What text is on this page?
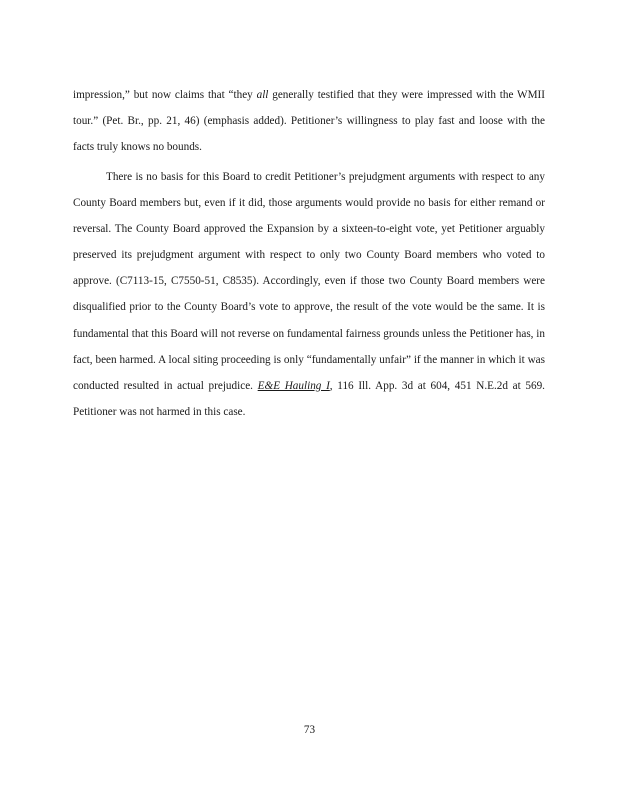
impression,” but now claims that “they all generally testified that they were impressed with the WMII tour.” (Pet. Br., pp. 21, 46) (emphasis added). Petitioner’s willingness to play fast and loose with the facts truly knows no bounds.

There is no basis for this Board to credit Petitioner’s prejudgment arguments with respect to any County Board members but, even if it did, those arguments would provide no basis for either remand or reversal. The County Board approved the Expansion by a sixteen-to-eight vote, yet Petitioner arguably preserved its prejudgment argument with respect to only two County Board members who voted to approve. (C7113-15, C7550-51, C8535). Accordingly, even if those two County Board members were disqualified prior to the County Board’s vote to approve, the result of the vote would be the same. It is fundamental that this Board will not reverse on fundamental fairness grounds unless the Petitioner has, in fact, been harmed. A local siting proceeding is only “fundamentally unfair” if the manner in which it was conducted resulted in actual prejudice. E&E Hauling I, 116 Ill. App. 3d at 604, 451 N.E.2d at 569. Petitioner was not harmed in this case.

73
